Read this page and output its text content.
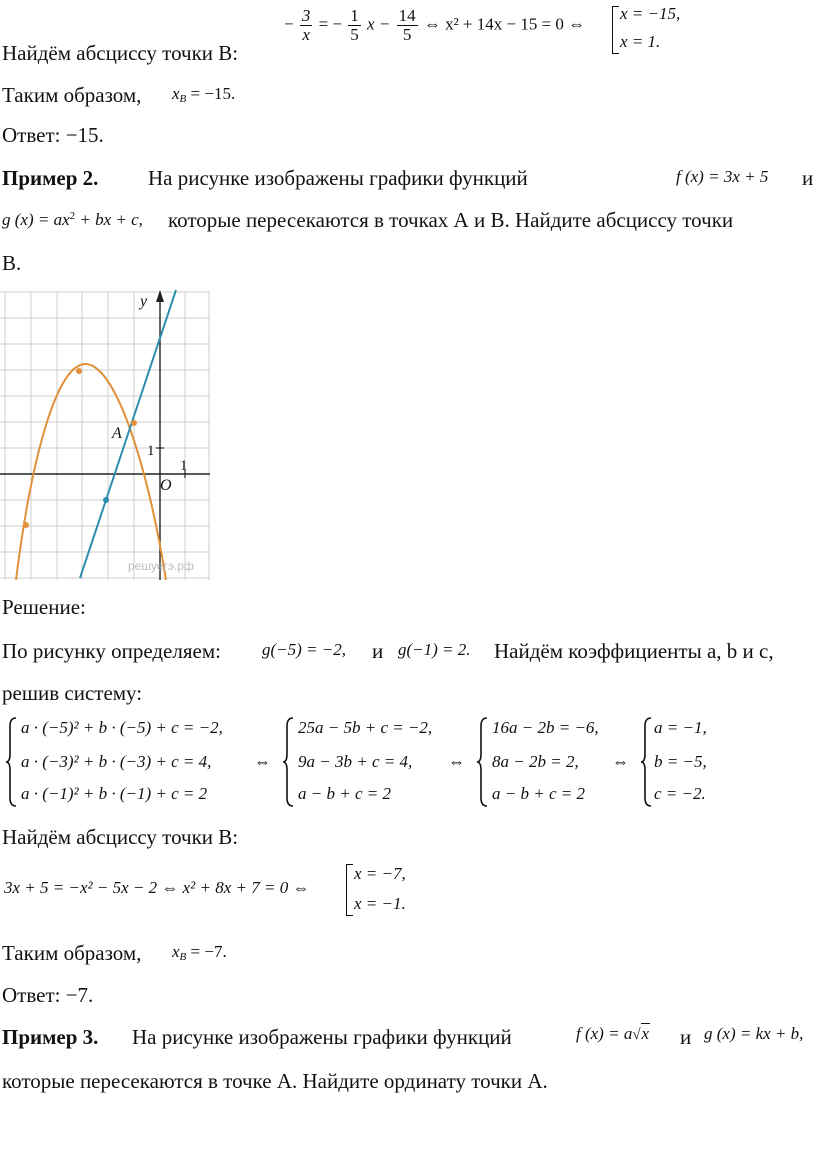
Найдём абсциссу точки В:
− $\frac{3}{x}$ = − $\frac{1}{5}$ $x - \frac{14}{5}$ ⇔ x² + 14x − 15 = 0 ⇔
x = −15,
x = 1.
Таким образом, $x_B = -15$.
Ответ: −15.
Пример 2. На рисунке изображены графики функций	f (x) = 3x + 5 и
g $(x) = ax^2$ + bx + c, которые пересекаются в точках А и В. Найдите абсциссу точки
В.
y
O
1
1
A
решуегэ.рф
Решение:
По рисунку определяем: g(−5) = −2, и g(−1) = 2. Найдём коэффициенты a, b и c,
решив систему:
a · (−5)² + b · (−5) + c = −2,
a · (−3)² + b · (−3) + c = 4,
a · (−1)² + b · (−1) + c = 2
⇔
25a − 5b + c = −2,
9a − 3b + c = 4,
a − b + c = 2
⇔
16a − 2b = −6,
8a − 2b = 2,
a − b + c = 2
⇔
a = −1,
b = −5,
c = −2.
Найдём абсциссу точки В:
3x + 5 = −x² − 5x − 2 ⇔ x² + 8x + 7 = 0 ⇔
x = −7,
x = −1.
Таким образом, $x_B = -7$.
Ответ: −7.
Пример 3. На рисунке изображены графики функций	f (x) = a√x и g (x) = kx + b,
которые пересекаются в точке А. Найдите ординату точки А.
